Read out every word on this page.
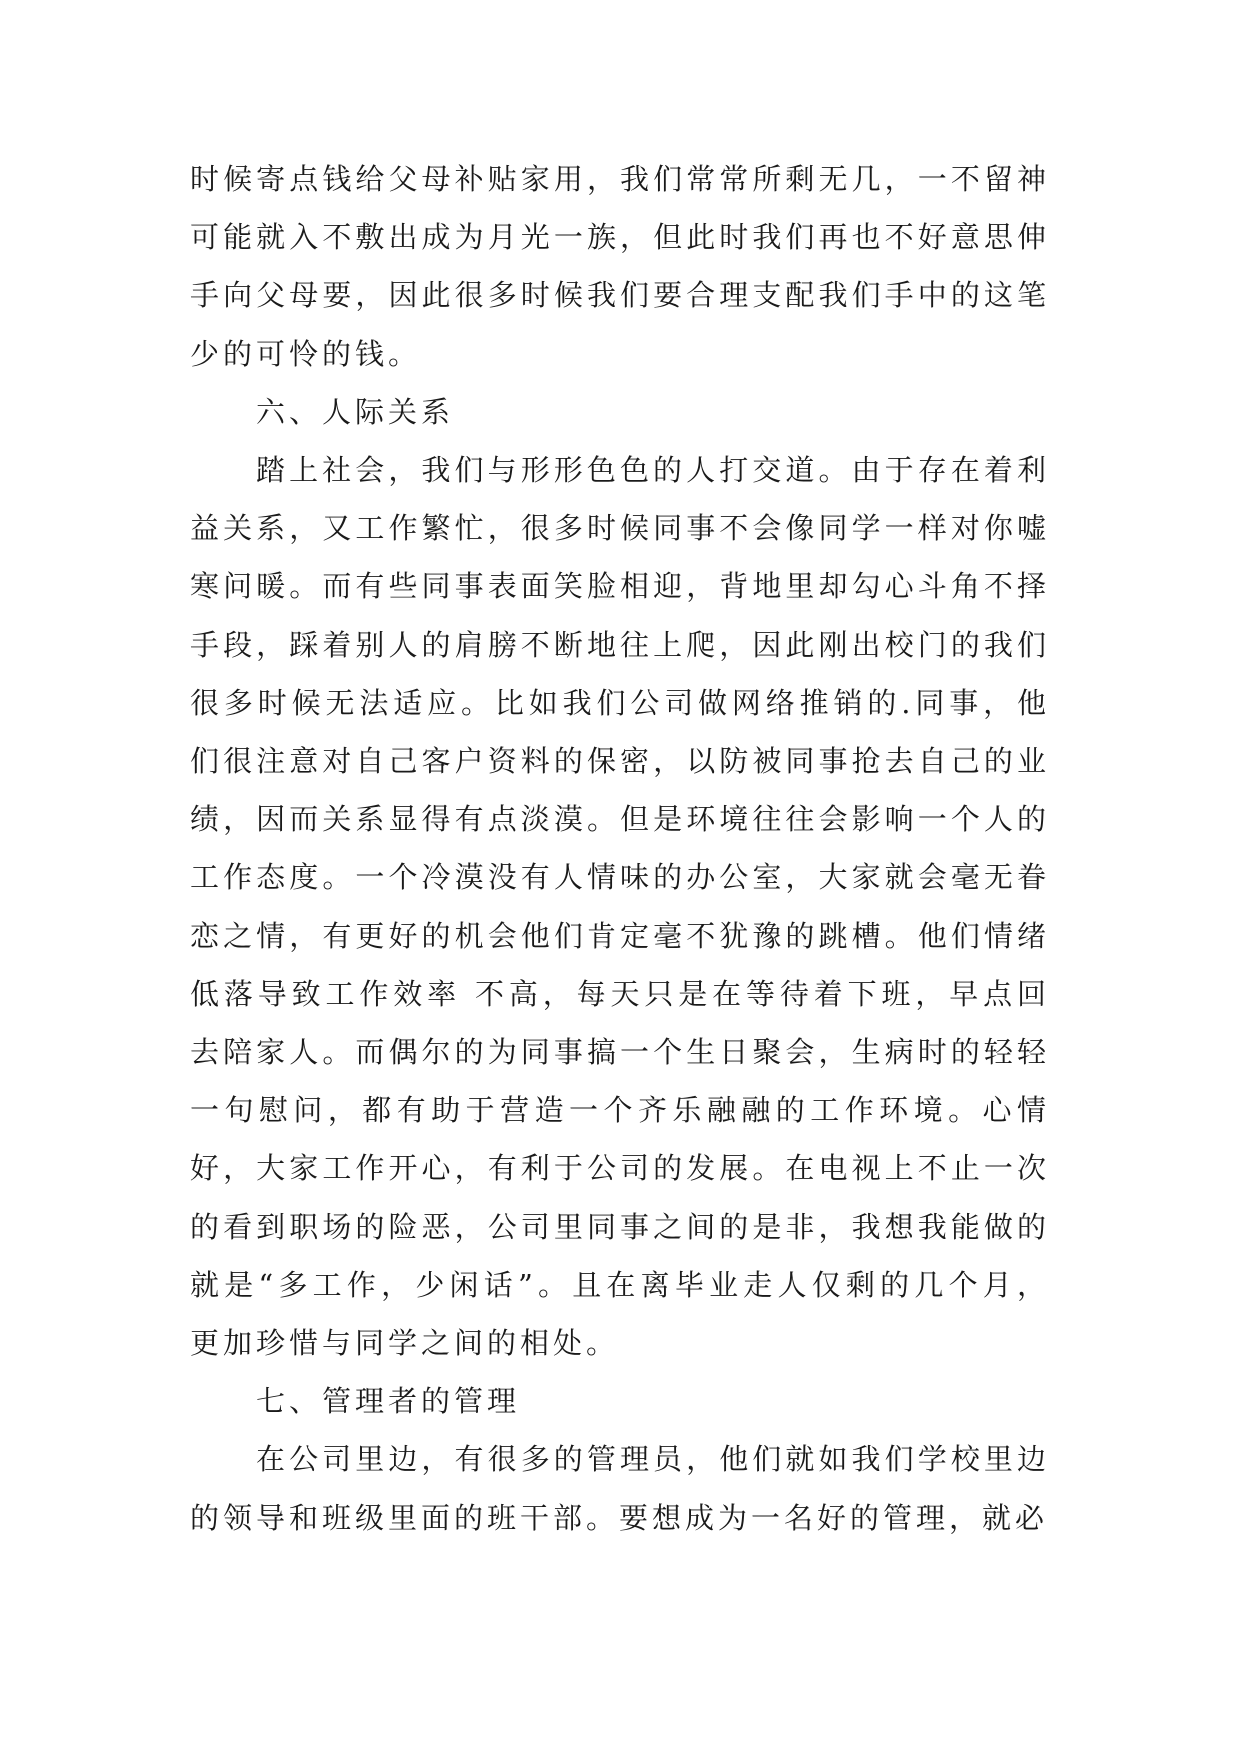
时候寄点钱给父母补贴家用，我们常常所剩无几，一不留神可能就入不敷出成为月光一族，但此时我们再也不好意思伸手向父母要，因此很多时候我们要合理支配我们手中的这笔少的可怜的钱。

六、人际关系

踏上社会，我们与形形色色的人打交道。由于存在着利益关系，又工作繁忙，很多时候同事不会像同学一样对你嘘寒问暖。而有些同事表面笑脸相迎，背地里却勾心斗角不择手段，踩着别人的肩膀不断地往上爬，因此刚出校门的我们很多时候无法适应。比如我们公司做网络推销的.同事，他们很注意对自己客户资料的保密，以防被同事抢去自己的业绩，因而关系显得有点淡漠。但是环境往往会影响一个人的工作态度。一个冷漠没有人情味的办公室，大家就会毫无眷恋之情，有更好的机会他们肯定毫不犹豫的跳槽。他们情绪低落导致工作效率 不高，每天只是在等待着下班，早点回去陪家人。而偶尔的为同事搞一个生日聚会，生病时的轻轻一句慰问，都有助于营造一个齐乐融融的工作环境。心情好，大家工作开心，有利于公司的发展。在电视上不止一次的看到职场的险恶，公司里同事之间的是非，我想我能做的就是“多工作，少闲话”。且在离毕业走人仅剩的几个月，更加珍惜与同学之间的相处。

七、管理者的管理

在公司里边，有很多的管理员，他们就如我们学校里边的领导和班级里面的班干部。要想成为一名好的管理，就必
